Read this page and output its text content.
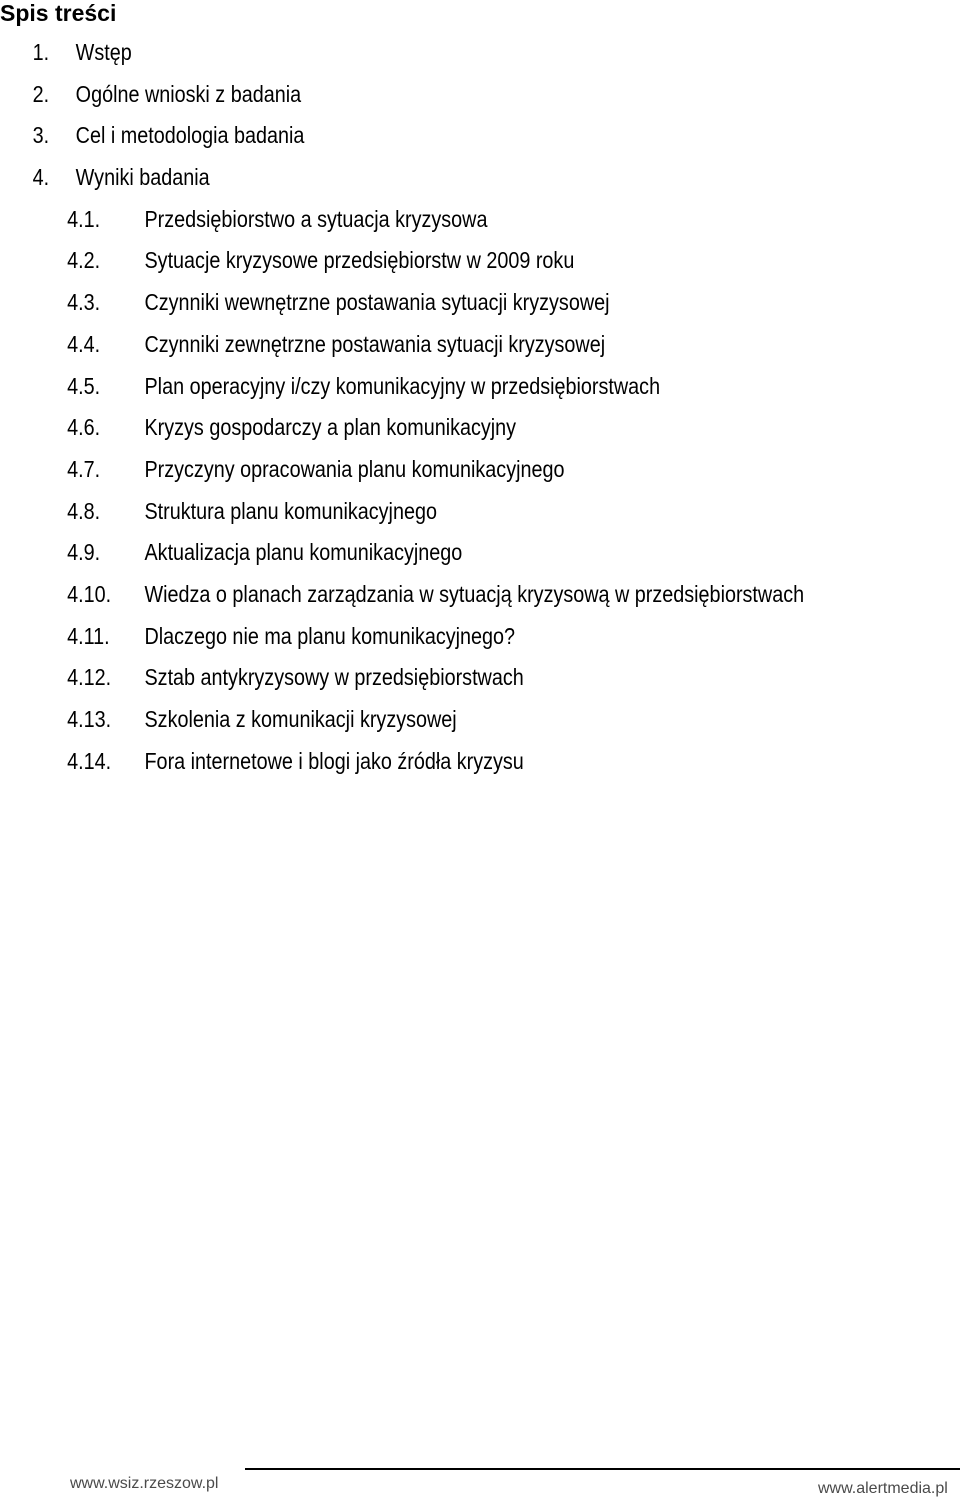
Spis treści
1. Wstęp
2. Ogólne wnioski z badania
3. Cel i metodologia badania
4. Wyniki badania
4.1. Przedsiębiorstwo a sytuacja kryzysowa
4.2. Sytuacje kryzysowe przedsiębiorstw w 2009 roku
4.3. Czynniki wewnętrzne postawania sytuacji kryzysowej
4.4. Czynniki zewnętrzne postawania sytuacji kryzysowej
4.5. Plan operacyjny i/czy komunikacyjny w przedsiębiorstwach
4.6. Kryzys gospodarczy a plan komunikacyjny
4.7. Przyczyny opracowania planu komunikacyjnego
4.8. Struktura planu komunikacyjnego
4.9. Aktualizacja planu komunikacyjnego
4.10. Wiedza o planach zarządzania w sytuacją kryzysową w przedsiębiorstwach
4.11. Dlaczego nie ma planu komunikacyjnego?
4.12. Sztab antykryzysowy w przedsiębiorstwach
4.13. Szkolenia z komunikacji kryzysowej
4.14. Fora internetowe i blogi jako źródła kryzysu
www.wsiz.rzeszow.pl	www.alertmedia.pl
